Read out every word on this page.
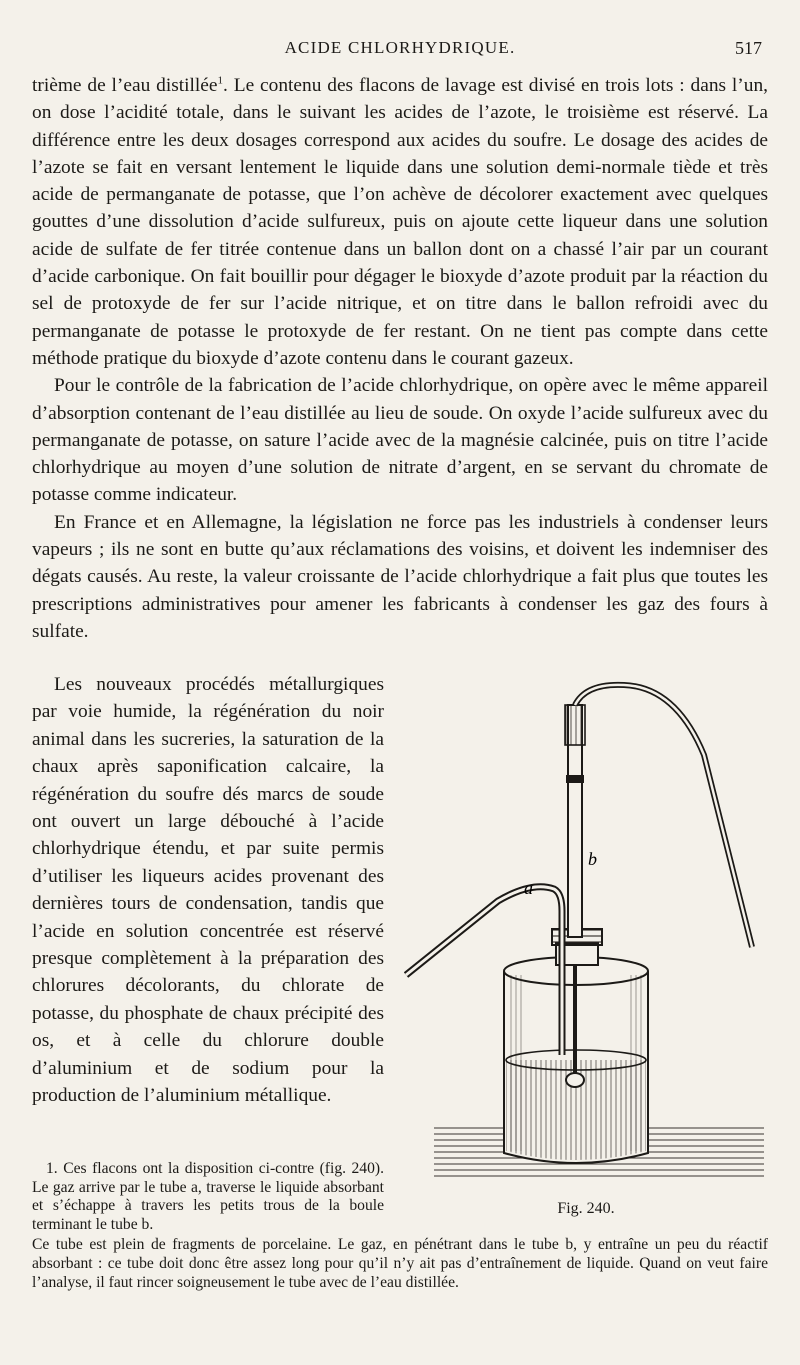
ACIDE CHLORHYDRIQUE.	517

trième de l’eau distillée$^1$. Le contenu des flacons de lavage est divisé en trois lots : dans l’un, on dose l’acidité totale, dans le suivant les acides de l’azote, le troisième est réservé. La différence entre les deux dosages correspond aux acides du soufre. Le dosage des acides de l’azote se fait en versant lentement le liquide dans une solution demi-normale tiède et très acide de permanganate de potasse, que l’on achève de décolorer exactement avec quelques gouttes d’une dissolution d’acide sulfureux, puis on ajoute cette liqueur dans une solution acide de sulfate de fer titrée contenue dans un ballon dont on a chassé l’air par un courant d’acide carbonique. On fait bouillir pour dégager le bioxyde d’azote produit par la réaction du sel de protoxyde de fer sur l’acide nitrique, et on titre dans le ballon refroidi avec du permanganate de potasse le protoxyde de fer restant. On ne tient pas compte dans cette méthode pratique du bioxyde d’azote contenu dans le courant gazeux.

Pour le contrôle de la fabrication de l’acide chlorhydrique, on opère avec le même appareil d’absorption contenant de l’eau distillée au lieu de soude. On oxyde l’acide sulfureux avec du permanganate de potasse, on sature l’acide avec de la magnésie calcinée, puis on titre l’acide chlorhydrique au moyen d’une solution de nitrate d’argent, en se servant du chromate de potasse comme indicateur.

En France et en Allemagne, la législation ne force pas les industriels à condenser leurs vapeurs ; ils ne sont en butte qu’aux réclamations des voisins, et doivent les indemniser des dégats causés. Au reste, la valeur croissante de l’acide chlorhydrique a fait plus que toutes les prescriptions administratives pour amener les fabricants à condenser les gaz des fours à sulfate.

Les nouveaux procédés métallurgiques par voie humide, la régénération du noir animal dans les sucreries, la saturation de la chaux après saponification calcaire, la régénération du soufre dés marcs de soude ont ouvert un large débouché à l’acide chlorhydrique étendu, et par suite permis d’utiliser les liqueurs acides provenant des dernières tours de condensation, tandis que l’acide en solution concentrée est réservé presque complètement à la préparation des chlorures décolorants, du chlorate de potasse, du phosphate de chaux précipité des os, et à celle du chlorure double d’aluminium et de sodium pour la production de l’aluminium métallique.

a
b
Fig. 240.

1. Ces flacons ont la disposition ci-contre (fig. 240). Le gaz arrive par le tube a, traverse le liquide absorbant et s’échappe à travers les petits trous de la boule terminant le tube b.

Ce tube est plein de fragments de porcelaine. Le gaz, en pénétrant dans le tube b, y entraîne un peu du réactif absorbant : ce tube doit donc être assez long pour qu’il n’y ait pas d’entraînement de liquide. Quand on veut faire l’analyse, il faut rincer soigneusement le tube avec de l’eau distillée.
